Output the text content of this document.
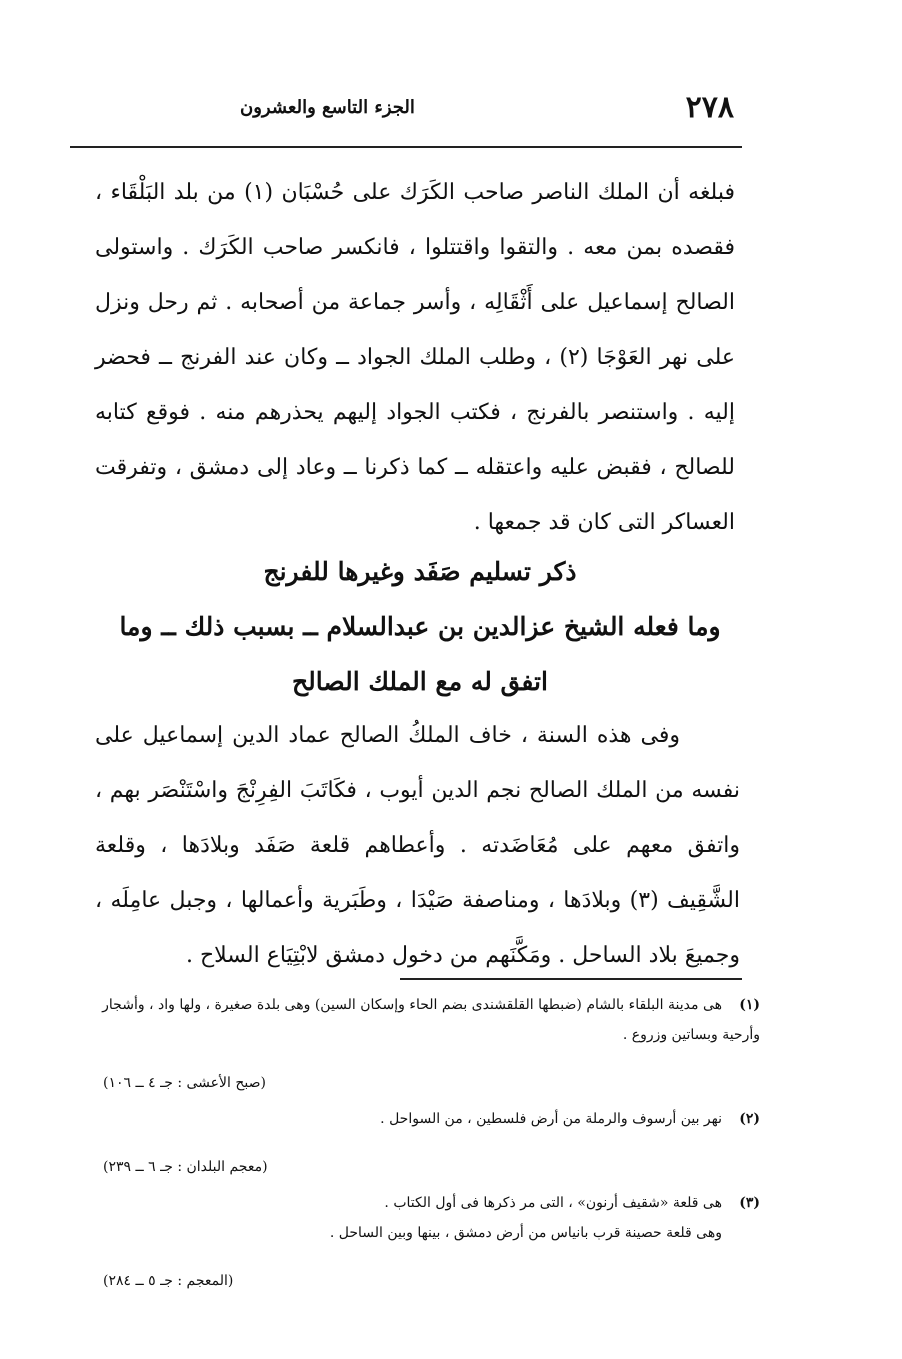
٢٧٨
الجزء التاسع والعشرون

فبلغه أن الملك الناصر صاحب الكَرَك على حُسْبَان (١) من بلد البَلْقَاء ، فقصده بمن معه . والتقوا واقتتلوا ، فانكسر صاحب الكَرَك . واستولى الصالح إسماعيل على أَثْقَالِه ، وأسر جماعة من أصحابه . ثم رحل ونزل على نهر العَوْجَا (٢) ، وطلب الملك الجواد ــ وكان عند الفرنج ــ فحضر إليه . واستنصر بالفرنج ، فكتب الجواد إليهم يحذرهم منه . فوقع كتابه للصالح ، فقبض عليه واعتقله ــ كما ذكرنا ــ وعاد إلى دمشق ، وتفرقت العساكر التى كان قد جمعها .

ذكر تسليم صَفَد وغيرها للفرنج
وما فعله الشيخ عزالدين بن عبدالسلام ــ بسبب ذلك ــ وما
اتفق له مع الملك الصالح

وفى هذه السنة ، خاف الملكُ الصالح عماد الدين إسماعيل على نفسه من الملك الصالح نجم الدين أيوب ، فكَاتَبَ الفِرِنْجَ واسْتَنْصَر بهم ، واتفق معهم على مُعَاضَدته . وأعطاهم قلعة صَفَد وبلادَها ، وقلعة الشَّقِيف (٣) وبلادَها ، ومناصفة صَيْدَا ، وطَبَرية وأعمالها ، وجبل عامِلَه ، وجميعَ بلاد الساحل . ومَكَّنَهم من دخول دمشق لابْتِيَاع السلاح .

(١)هى مدينة البلقاء بالشام (ضبطها القلقشندى بضم الحاء وإسكان السين) وهى بلدة صغيرة ، ولها واد ، وأشجار وأرحية وبساتين وزروع .
(صبح الأعشى : جـ ٤ ــ ١٠٦)
(٢)نهر بين أرسوف والرملة من أرض فلسطين ، من السواحل .
(معجم البلدان : جـ ٦ ــ ٢٣٩)
(٣)هى قلعة «شقيف أرنون» ، التى مر ذكرها فى أول الكتاب .
وهى قلعة حصينة قرب بانياس من أرض دمشق ، بينها وبين الساحل .
(المعجم : جـ ٥ ــ ٢٨٤)
